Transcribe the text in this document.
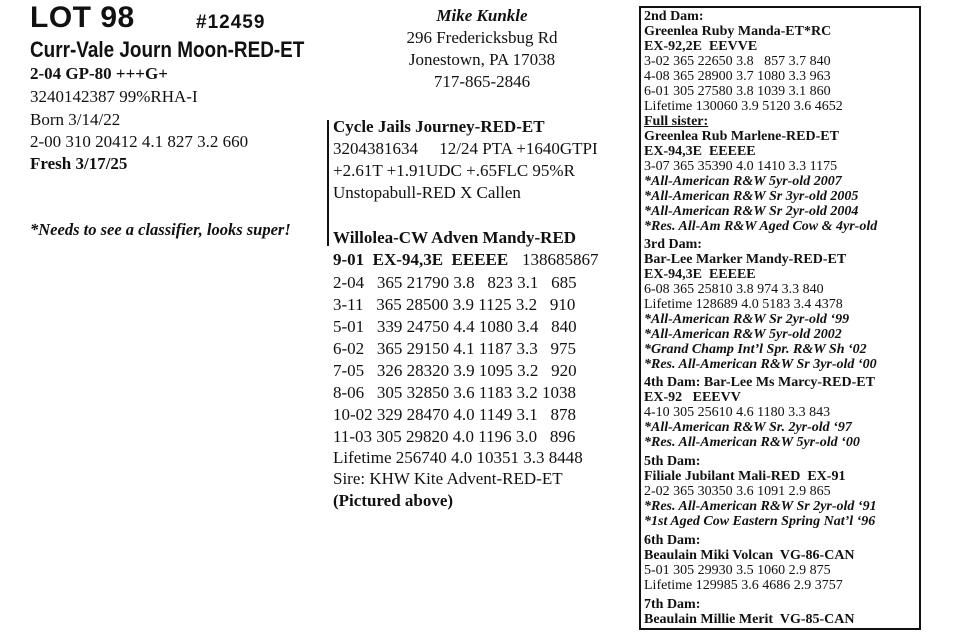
LOT 98	#12459
Curr-Vale Journ Moon-RED-ET
2-04 GP-80 +++G+
3240142387 99%RHA-I
Born 3/14/22
2-00 310 20412 4.1 827 3.2 660
Fresh 3/17/25
*Needs to see a classifier, looks super!
Mike Kunkle
296 Fredericksbug Rd
Jonestown, PA 17038
717-865-2846
Cycle Jails Journey-RED-ET
3204381634     12/24 PTA +1640GTPI
+2.61T +1.91UDC +.65FLC 95%R
Unstopabull-RED X Callen
Willolea-CW Adven Mandy-RED
9-01  EX-94,3E  EEEEE 138685867
2-04   365 21790 3.8   823 3.1   685
3-11   365 28500 3.9 1125 3.2   910
5-01   339 24750 4.4 1080 3.4   840
6-02   365 29150 4.1 1187 3.3   975
7-05   326 28320 3.9 1095 3.2   920
8-06   305 32850 3.6 1183 3.2 1038
10-02 329 28470 4.0 1149 3.1   878
11-03 305 29820 4.0 1196 3.0   896
Lifetime 256740 4.0 10351 3.3 8448
Sire: KHW Kite Advent-RED-ET
(Pictured above)
2nd Dam:
Greenlea Ruby Manda-ET*RC
EX-92,2E  EEVVE
3-02 365 22650 3.8   857 3.7 840
4-08 365 28900 3.7 1080 3.3 963
6-01 305 27580 3.8 1039 3.1 860
Lifetime 130060 3.9 5120 3.6 4652
Full sister:
Greenlea Rub Marlene-RED-ET
EX-94,3E  EEEEE
3-07 365 35390 4.0 1410 3.3 1175
*All-American R&W 5yr-old 2007
*All-American R&W Sr 3yr-old 2005
*All-American R&W Sr 2yr-old 2004
*Res. All-Am R&W Aged Cow & 4yr-old
3rd Dam:
Bar-Lee Marker Mandy-RED-ET
EX-94,3E  EEEEE
6-08 365 25810 3.8 974 3.3 840
Lifetime 128689 4.0 5183 3.4 4378
*All-American R&W Sr 2yr-old ‘99
*All-American R&W 5yr-old 2002
*Grand Champ Int’l Spr. R&W Sh ‘02
*Res. All-American R&W Sr 3yr-old ‘00
4th Dam: Bar-Lee Ms Marcy-RED-ET
EX-92   EEEVV
4-10 305 25610 4.6 1180 3.3 843
*All-American R&W Sr. 2yr-old ‘97
*Res. All-American R&W 5yr-old ‘00
5th Dam:
Filiale Jubilant Mali-RED  EX-91
2-02 365 30350 3.6 1091 2.9 865
*Res. All-American R&W Sr 2yr-old ‘91
*1st Aged Cow Eastern Spring Nat’l ‘96
6th Dam:
Beaulain Miki Volcan  VG-86-CAN
5-01 305 29930 3.5 1060 2.9 875
Lifetime 129985 3.6 4686 2.9 3757
7th Dam:
Beaulain Millie Merit  VG-85-CAN
